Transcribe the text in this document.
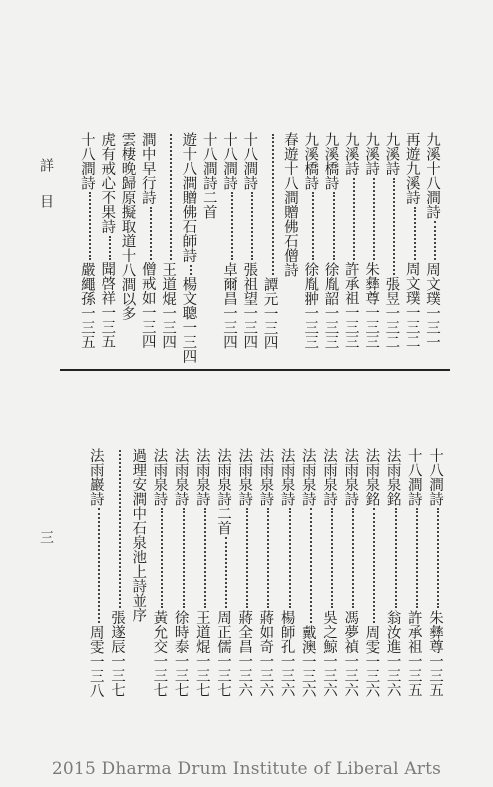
詳目
三
九溪十八澗詩周文璞一三一
再遊九溪詩周文璞一三二
九溪詩張昱一三二
九溪詩朱彝尊一三三
九溪詩許承祖一三三
九溪橋詩徐胤韶一三三
九溪橋詩徐胤翀一三三
春遊十八澗贈佛石僧詩
譚元一三四
十八澗詩張祖望一三四
十八澗詩卓爾昌一三四
十八澗詩二首
遊十八澗贈佛石師詩楊文聰一三四
王道焜一三四
澗中早行詩僧戒如一三四
雲棲晚歸原擬取道十八澗以多
虎有戒心不果詩聞啓祥一三五
十八澗詩嚴繩孫一三五
十八澗詩朱彝尊一三五
十八澗詩許承祖一三五
法雨泉銘翁汝進一三六
法雨泉銘周雯一三六
法雨泉詩馮夢禎一三六
法雨泉詩吳之鯨一三六
法雨泉詩戴澳一三六
法雨泉詩楊師孔一三六
法雨泉詩蔣如奇一三六
法雨泉詩蔣全昌一三六
法雨泉詩二首周正儒一三七
法雨泉詩王道焜一三七
法雨泉詩徐時泰一三七
法雨泉詩黃允交一三七
過理安澗中石泉池上詩並序
張遂辰一三七
法雨巖詩周雯一三八
2015 Dharma Drum Institute of Liberal Arts
